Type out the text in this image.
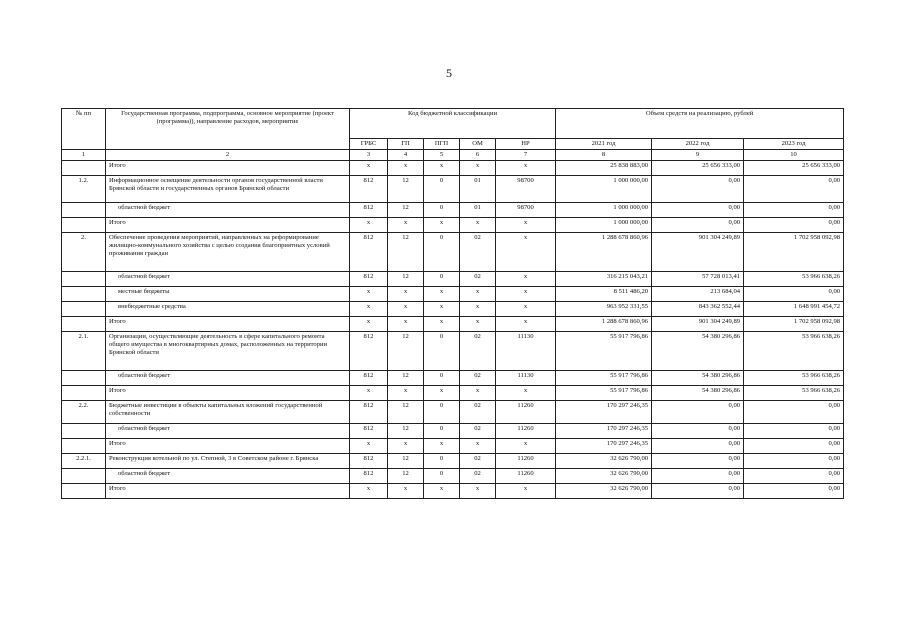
5
№ пп	Государственная программа, подпрограмма, основное мероприятие (проект (программа)), направление расходов, мероприятие	Код бюджетной классификации					Объем средств на реализацию, рублей		
		ГРБС	ГП	ПГП	ОМ	НР	2021 год	2022 год	2023 год
1	2	3	4	5	6	7	8	9	10
	Итого	х	х	х	х	х	25 838 883,00	25 656 333,00	25 656 333,00
1.2.	Информационное освещение деятельности органов государственной власти Брянской области и государственных органов Брянской области	812	12	0	01	98700	1 000 000,00	0,00	0,00
	областной бюджет	812	12	0	01	98700	1 000 000,00	0,00	0,00
	Итого	х	х	х	х	х	1 000 000,00	0,00	0,00
2.	Обеспечение проведения мероприятий, направленных на реформирование жилищно-коммунального хозяйства с целью создания благоприятных условий проживания граждан	812	12	0	02	х	1 288 678 860,96	901 304 249,89	1 702 958 092,98
	областной бюджет	812	12	0	02	х	316 215 043,21	57 728 013,41	53 966 638,26
	местные бюджеты	х	х	х	х	х	8 511 486,20	213 684,04	0,00
	внебюджетные средства	х	х	х	х	х	963 952 331,55	843 362 552,44	1 648 991 454,72
	Итого	х	х	х	х	х	1 288 678 860,96	901 304 249,89	1 702 958 092,98
2.1.	Организации, осуществляющие деятельность в сфере капитального ремонта общего имущества в многоквартирных домах, расположенных на территории Брянской области	812	12	0	02	11130	55 917 796,86	54 380 296,86	53 966 638,26
	областной бюджет	812	12	0	02	11130	55 917 796,86	54 380 296,86	53 966 638,26
	Итого	х	х	х	х	х	55 917 796,86	54 380 296,86	53 966 638,26
2.2.	Бюджетные инвестиции в объекты капитальных вложений государственной собственности	812	12	0	02	11260	170 297 246,35	0,00	0,00
	областной бюджет	812	12	0	02	11260	170 297 246,35	0,00	0,00
	Итого	х	х	х	х	х	170 297 246,35	0,00	0,00
2.2.1.	Реконструкция котельной по ул. Степной, 3 в Советском районе г. Брянска	812	12	0	02	11260	32 626 790,00	0,00	0,00
	областной бюджет	812	12	0	02	11260	32 626 790,00	0,00	0,00
	Итого	х	х	х	х	х	32 626 790,00	0,00	0,00
